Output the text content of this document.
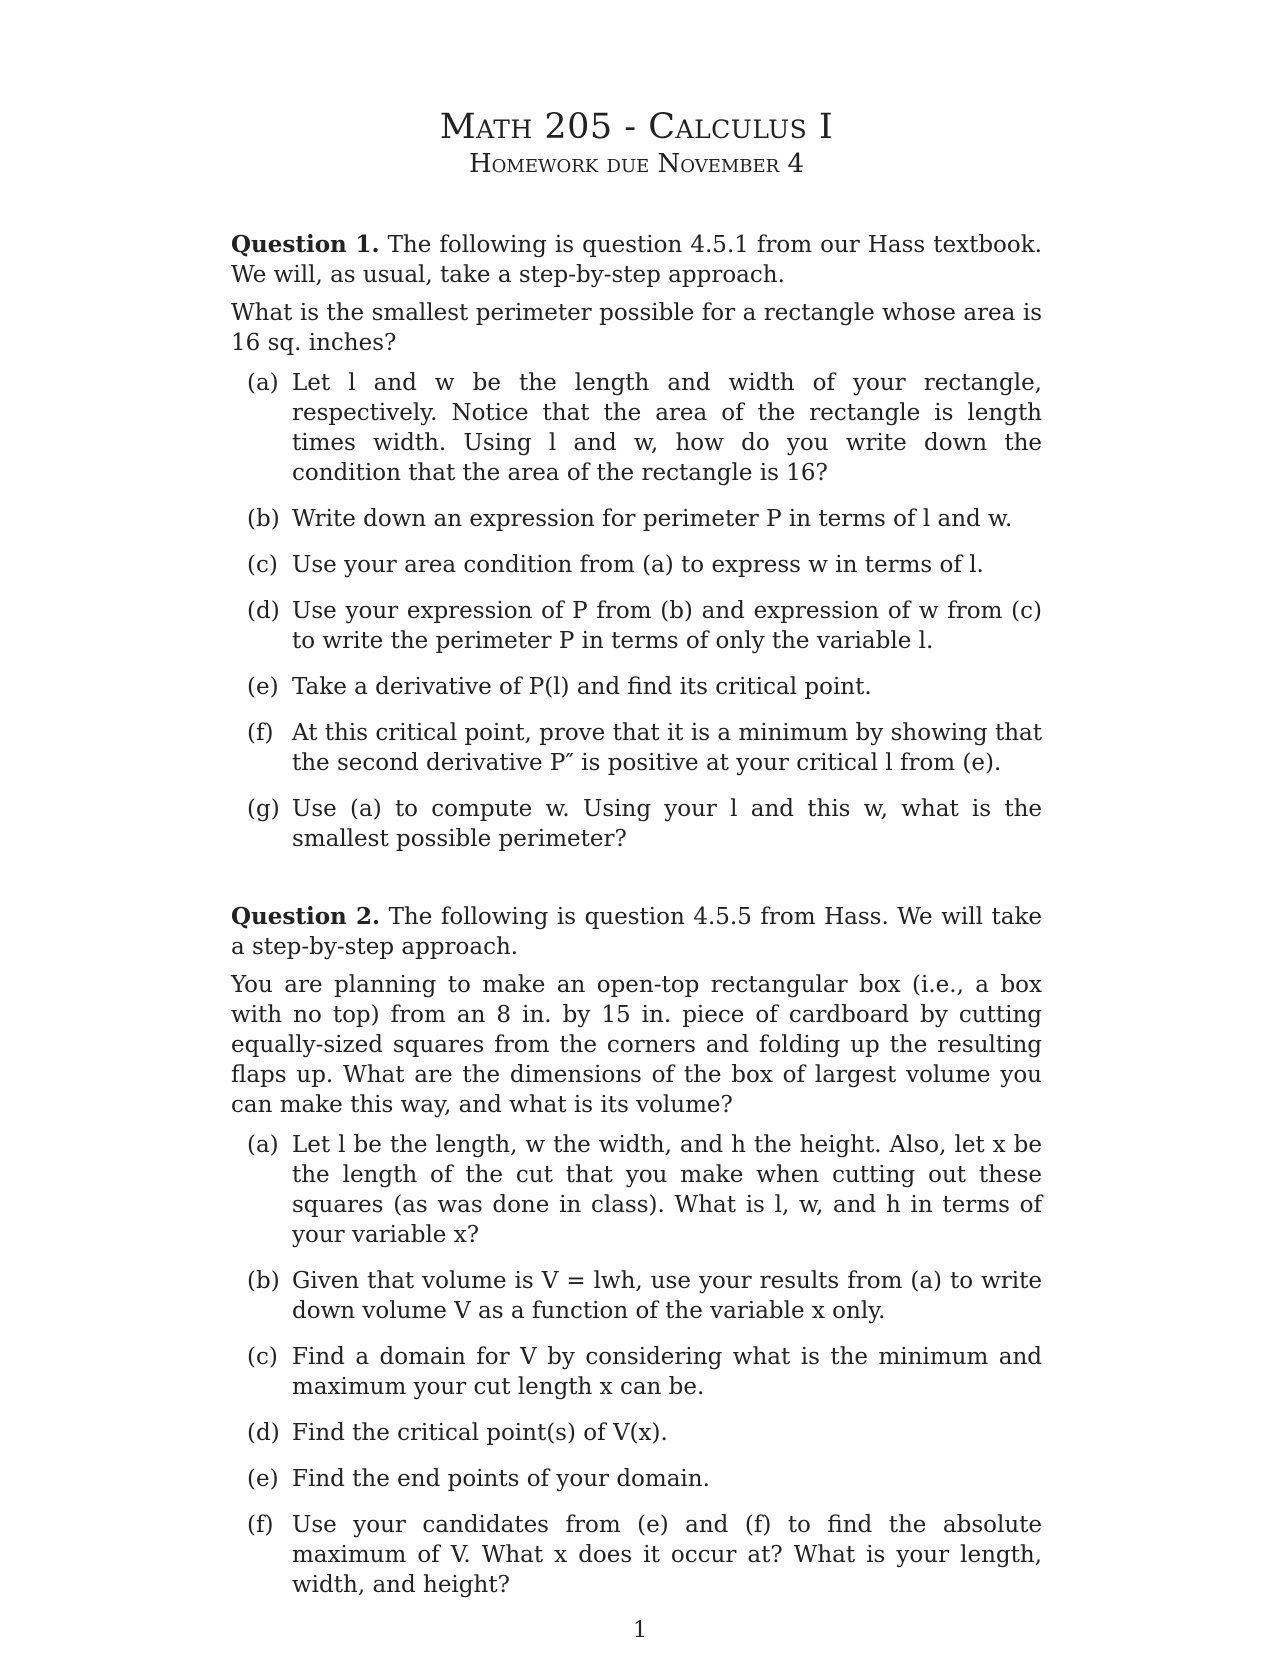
Math 205 - Calculus I
Homework due November 4

Question 1. The following is question 4.5.1 from our Hass textbook. We will, as usual, take a step-by-step approach.

What is the smallest perimeter possible for a rectangle whose area is 16 sq. inches?

(a) Let l and w be the length and width of your rectangle, respectively. Notice that the area of the rectangle is length times width. Using l and w, how do you write down the condition that the area of the rectangle is 16?
(b) Write down an expression for perimeter P in terms of l and w.
(c) Use your area condition from (a) to express w in terms of l.
(d) Use your expression of P from (b) and expression of w from (c) to write the perimeter P in terms of only the variable l.
(e) Take a derivative of P(l) and find its critical point.
(f) At this critical point, prove that it is a minimum by showing that the second derivative P″ is positive at your critical l from (e).
(g) Use (a) to compute w. Using your l and this w, what is the smallest possible perimeter?

Question 2. The following is question 4.5.5 from Hass. We will take a step-by-step approach.

You are planning to make an open-top rectangular box (i.e., a box with no top) from an 8 in. by 15 in. piece of cardboard by cutting equally-sized squares from the corners and folding up the resulting flaps up. What are the dimensions of the box of largest volume you can make this way, and what is its volume?

(a) Let l be the length, w the width, and h the height. Also, let x be the length of the cut that you make when cutting out these squares (as was done in class). What is l, w, and h in terms of your variable x?
(b) Given that volume is V = lwh, use your results from (a) to write down volume V as a function of the variable x only.
(c) Find a domain for V by considering what is the minimum and maximum your cut length x can be.
(d) Find the critical point(s) of V(x).
(e) Find the end points of your domain.
(f) Use your candidates from (e) and (f) to find the absolute maximum of V. What x does it occur at? What is your length, width, and height?
1
